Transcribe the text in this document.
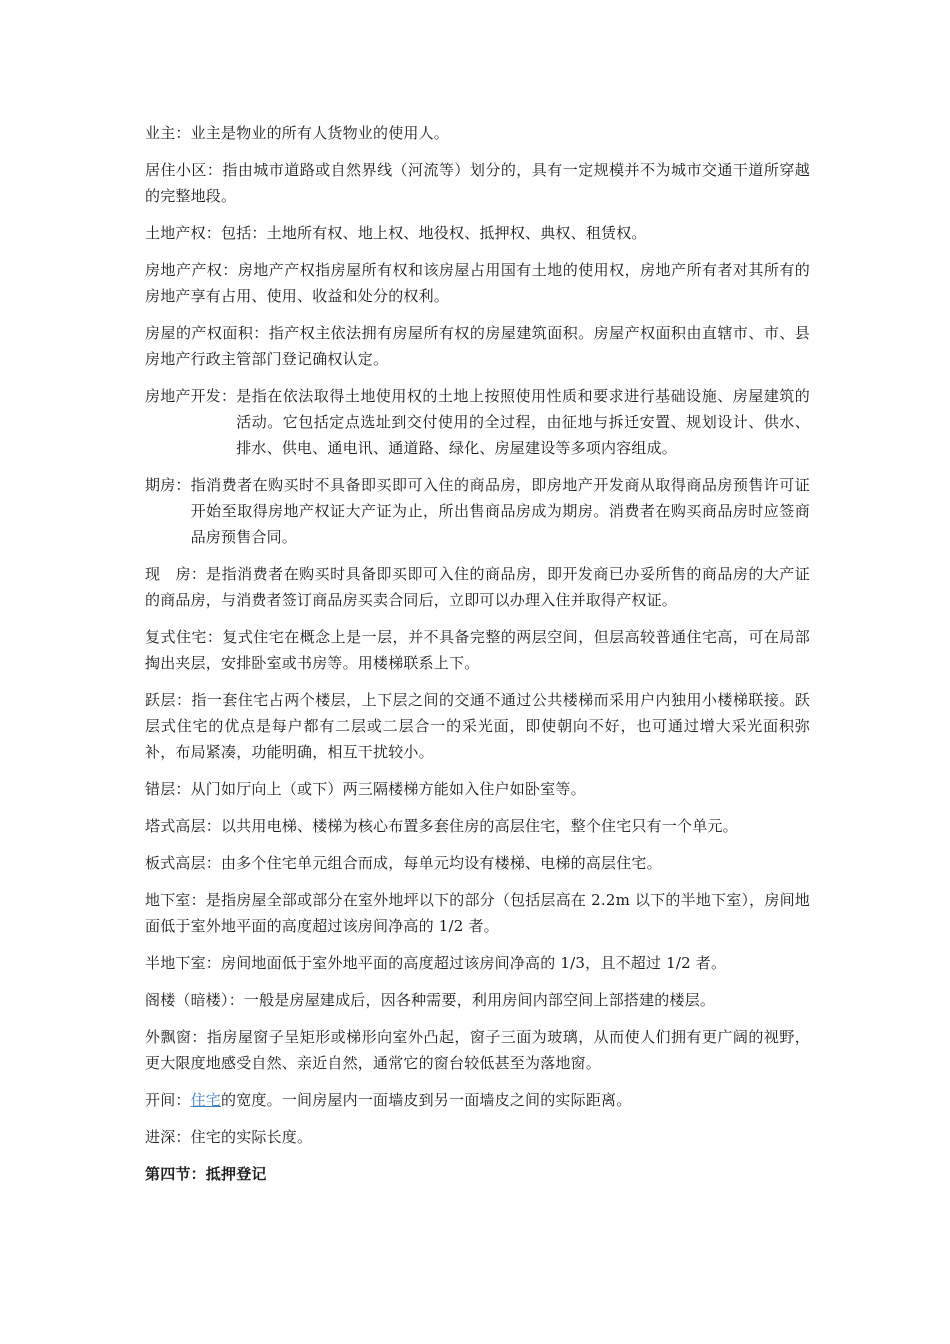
业主：业主是物业的所有人货物业的使用人。

居住小区：指由城市道路或自然界线（河流等）划分的，具有一定规模并不为城市交通干道所穿越的完整地段。

土地产权：包括：土地所有权、地上权、地役权、抵押权、典权、租赁权。

房地产产权：房地产产权指房屋所有权和该房屋占用国有土地的使用权，房地产所有者对其所有的房地产享有占用、使用、收益和处分的权利。

房屋的产权面积：指产权主依法拥有房屋所有权的房屋建筑面积。房屋产权面积由直辖市、市、县房地产行政主管部门登记确权认定。

房地产开发： 是指在依法取得土地使用权的土地上按照使用性质和要求进行基础设施、房屋建筑的活动。它包括定点选址到交付使用的全过程，由征地与拆迁安置、规划设计、供水、排水、供电、通电讯、通道路、绿化、房屋建设等多项内容组成。
期房： 指消费者在购买时不具备即买即可入住的商品房，即房地产开发商从取得商品房预售许可证开始至取得房地产权证大产证为止，所出售商品房成为期房。消费者在购买商品房时应签商品房预售合同。

现　房：是指消费者在购买时具备即买即可入住的商品房，即开发商已办妥所售的商品房的大产证的商品房，与消费者签订商品房买卖合同后，立即可以办理入住并取得产权证。

复式住宅：复式住宅在概念上是一层，并不具备完整的两层空间，但层高较普通住宅高，可在局部掏出夹层，安排卧室或书房等。用楼梯联系上下。

跃层：指一套住宅占两个楼层，上下层之间的交通不通过公共楼梯而采用户内独用小楼梯联接。跃层式住宅的优点是每户都有二层或二层合一的采光面，即使朝向不好，也可通过增大采光面积弥补，布局紧凑，功能明确，相互干扰较小。

错层：从门如厅向上（或下）两三隔楼梯方能如入住户如卧室等。

塔式高层：以共用电梯、楼梯为核心布置多套住房的高层住宅，整个住宅只有一个单元。

板式高层：由多个住宅单元组合而成，每单元均设有楼梯、电梯的高层住宅。

地下室：是指房屋全部或部分在室外地坪以下的部分（包括层高在 2.2m 以下的半地下室），房间地面低于室外地平面的高度超过该房间净高的 1/2 者。

半地下室：房间地面低于室外地平面的高度超过该房间净高的 1/3，且不超过 1/2 者。

阁楼（暗楼）：一般是房屋建成后，因各种需要，利用房间内部空间上部搭建的楼层。

外飘窗：指房屋窗子呈矩形或梯形向室外凸起，窗子三面为玻璃，从而使人们拥有更广阔的视野，更大限度地感受自然、亲近自然，通常它的窗台较低甚至为落地窗。

开间：住宅的宽度。一间房屋内一面墙皮到另一面墙皮之间的实际距离。

进深：住宅的实际长度。

第四节：抵押登记
